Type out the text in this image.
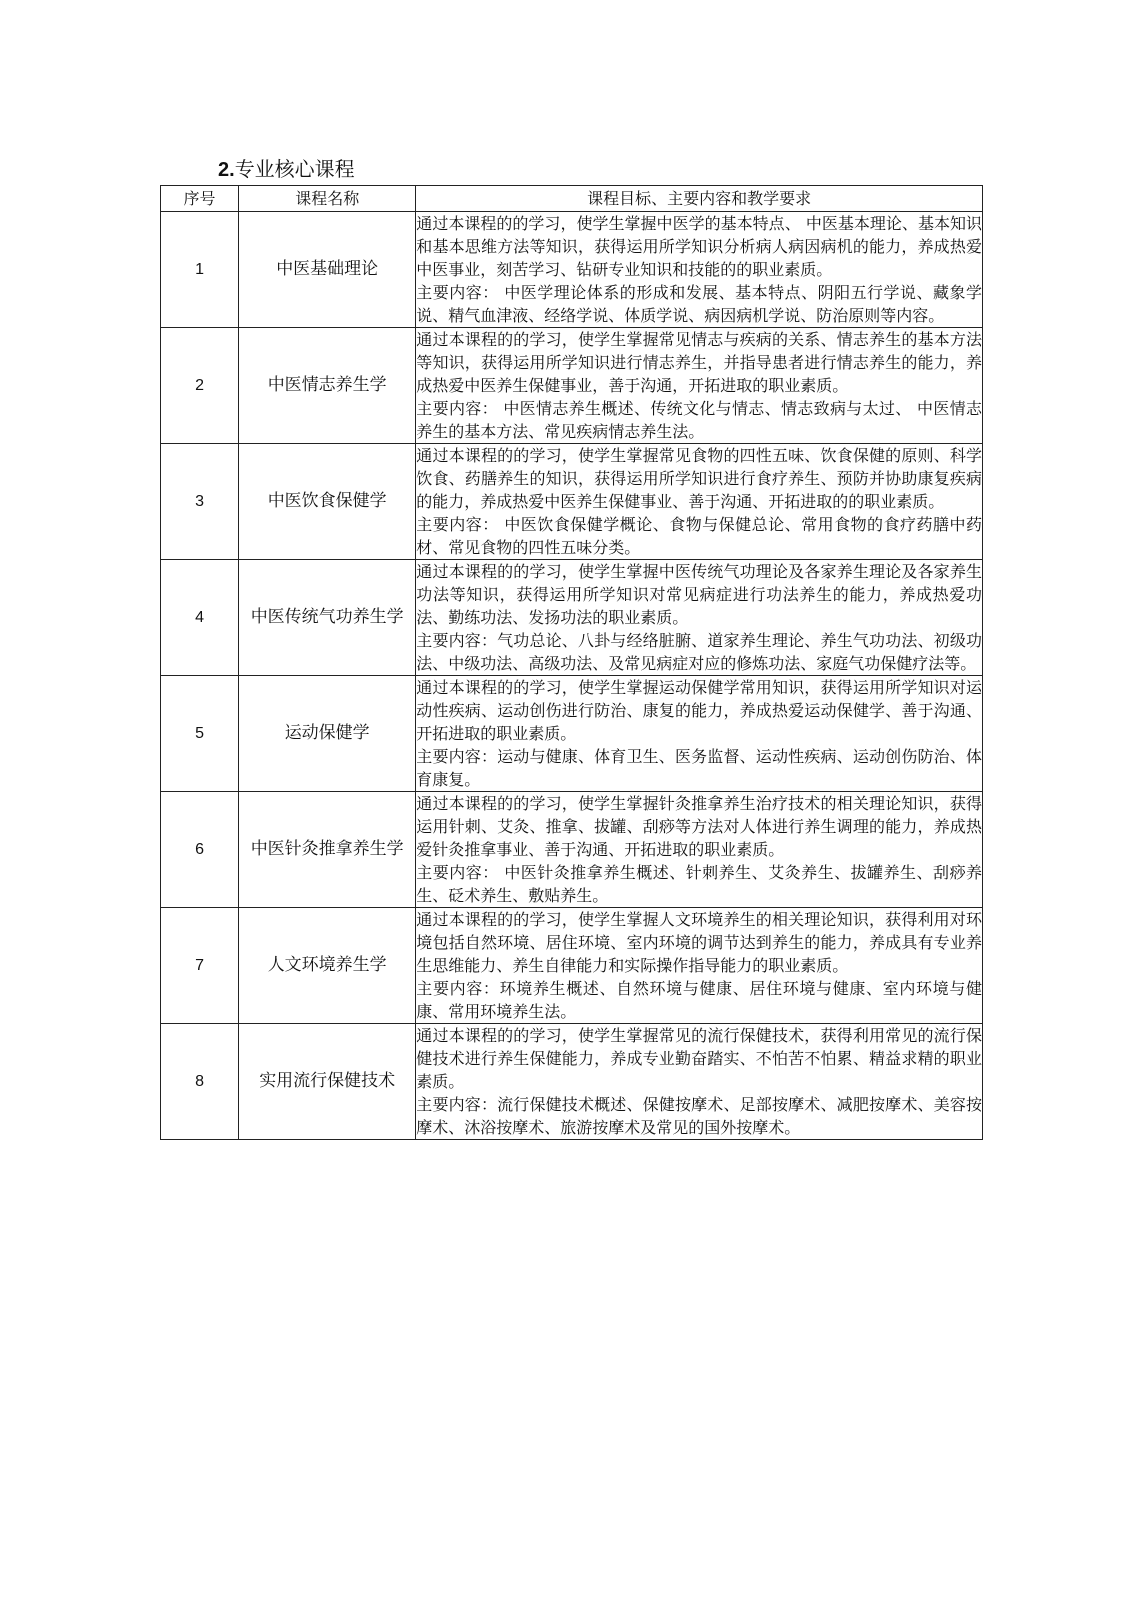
2.专业核心课程
序号	课程名称	课程目标、主要内容和教学要求
1	中医基础理论	通过本课程的的学习，使学生掌握中医学的基本特点、 中医基本理论、基本知识和基本思维方法等知识，获得运用所学知识分析病人病因病机的能力，养成热爱中医事业，刻苦学习、钻研专业知识和技能的的职业素质。

主要内容： 中医学理论体系的形成和发展、基本特点、阴阳五行学说、藏象学说、精气血津液、经络学说、体质学说、病因病机学说、防治原则等内容。

2	中医情志养生学	通过本课程的的学习，使学生掌握常见情志与疾病的关系、情志养生的基本方法等知识，获得运用所学知识进行情志养生，并指导患者进行情志养生的能力，养成热爱中医养生保健事业，善于沟通，开拓进取的职业素质。

主要内容： 中医情志养生概述、传统文化与情志、情志致病与太过、 中医情志养生的基本方法、常见疾病情志养生法。

3	中医饮食保健学	通过本课程的的学习，使学生掌握常见食物的四性五味、饮食保健的原则、科学饮食、药膳养生的知识，获得运用所学知识进行食疗养生、预防并协助康复疾病的能力，养成热爱中医养生保健事业、善于沟通、开拓进取的的职业素质。

主要内容： 中医饮食保健学概论、食物与保健总论、常用食物的食疗药膳中药材、常见食物的四性五味分类。

4	中医传统气功养生学	通过本课程的的学习，使学生掌握中医传统气功理论及各家养生理论及各家养生功法等知识，获得运用所学知识对常见病症进行功法养生的能力，养成热爱功法、勤练功法、发扬功法的职业素质。

主要内容：气功总论、八卦与经络脏腑、道家养生理论、养生气功功法、初级功法、中级功法、高级功法、及常见病症对应的修炼功法、家庭气功保健疗法等。

5	运动保健学	通过本课程的的学习，使学生掌握运动保健学常用知识，获得运用所学知识对运动性疾病、运动创伤进行防治、康复的能力，养成热爱运动保健学、善于沟通、开拓进取的职业素质。

主要内容：运动与健康、体育卫生、医务监督、运动性疾病、运动创伤防治、体育康复。

6	中医针灸推拿养生学	通过本课程的的学习，使学生掌握针灸推拿养生治疗技术的相关理论知识，获得运用针刺、艾灸、推拿、拔罐、刮痧等方法对人体进行养生调理的能力，养成热爱针灸推拿事业、善于沟通、开拓进取的职业素质。

主要内容： 中医针灸推拿养生概述、针刺养生、艾灸养生、拔罐养生、刮痧养生、砭术养生、敷贴养生。

7	人文环境养生学	通过本课程的的学习，使学生掌握人文环境养生的相关理论知识，获得利用对环境包括自然环境、居住环境、室内环境的调节达到养生的能力，养成具有专业养生思维能力、养生自律能力和实际操作指导能力的职业素质。

主要内容：环境养生概述、自然环境与健康、居住环境与健康、室内环境与健康、常用环境养生法。

8	实用流行保健技术	通过本课程的的学习，使学生掌握常见的流行保健技术，获得利用常见的流行保健技术进行养生保健能力，养成专业勤奋踏实、不怕苦不怕累、精益求精的职业素质。

主要内容：流行保健技术概述、保健按摩术、足部按摩术、减肥按摩术、美容按摩术、沐浴按摩术、旅游按摩术及常见的国外按摩术。
